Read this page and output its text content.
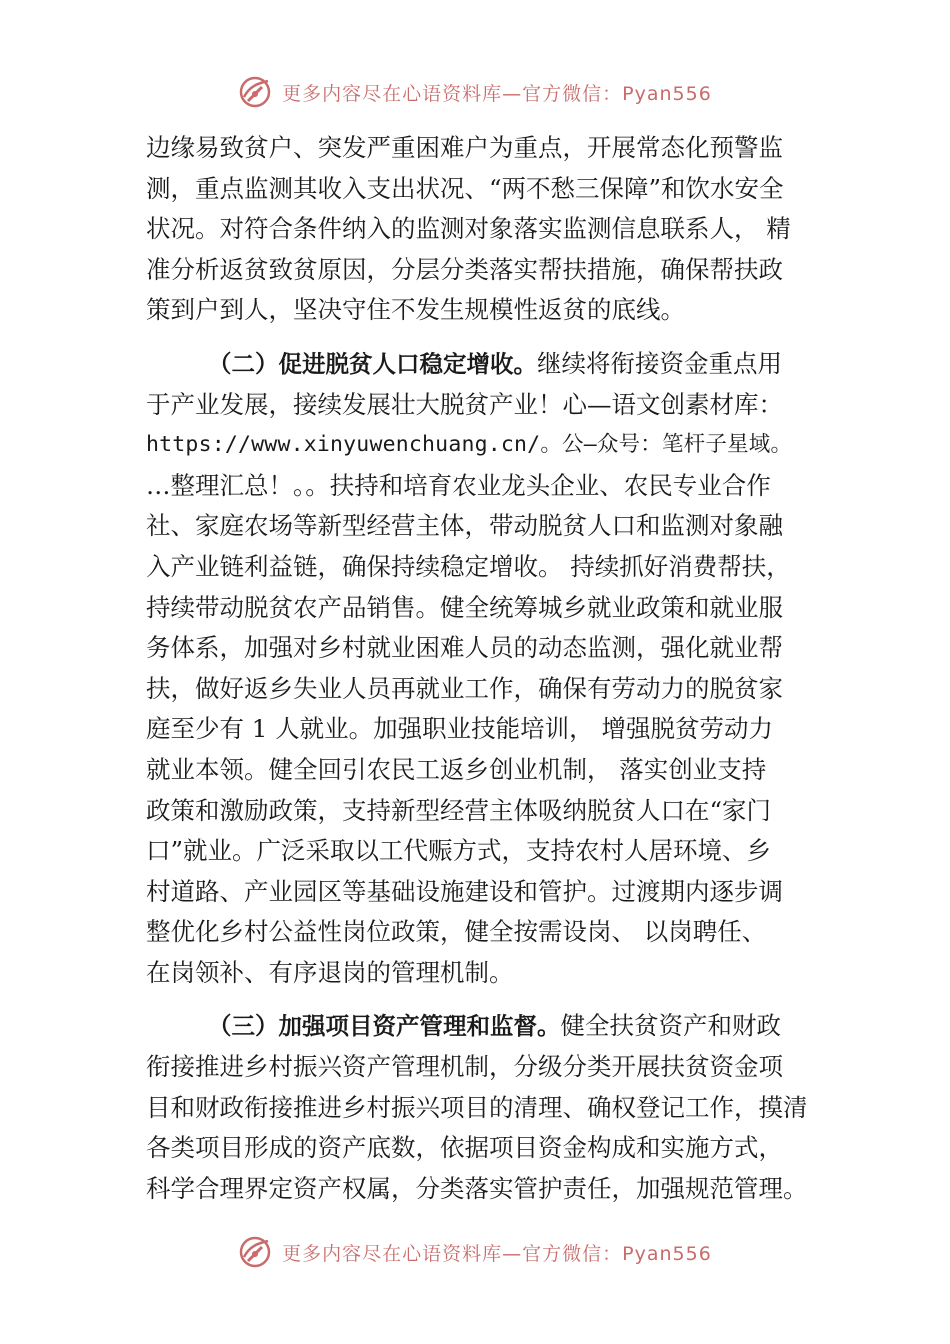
更多内容尽在心语资料库—官方微信：Pyan556
边缘易致贫户、突发严重困难户为重点，开展常态化预警监
测，重点监测其收入支出状况、“两不愁三保障”和饮水安全
状况。对符合条件纳入的监测对象落实监测信息联系人， 精
准分析返贫致贫原因，分层分类落实帮扶措施，确保帮扶政
策到户到人，坚决守住不发生规模性返贫的底线。
（二）促进脱贫人口稳定增收。继续将衔接资金重点用
于产业发展，接续发展壮大脱贫产业！心—语文创素材库：
https://www.xinyuwenchuang.cn/。公—众号：笔杆子星域。
…整理汇总！。。扶持和培育农业龙头企业、农民专业合作
社、家庭农场等新型经营主体，带动脱贫人口和监测对象融
入产业链利益链，确保持续稳定增收。 持续抓好消费帮扶，
持续带动脱贫农产品销售。健全统筹城乡就业政策和就业服
务体系，加强对乡村就业困难人员的动态监测，强化就业帮
扶，做好返乡失业人员再就业工作，确保有劳动力的脱贫家
庭至少有 1 人就业。加强职业技能培训， 增强脱贫劳动力
就业本领。健全回引农民工返乡创业机制， 落实创业支持
政策和激励政策，支持新型经营主体吸纳脱贫人口在“家门
口”就业。广泛采取以工代赈方式，支持农村人居环境、乡
村道路、产业园区等基础设施建设和管护。过渡期内逐步调
整优化乡村公益性岗位政策，健全按需设岗、 以岗聘任、
在岗领补、有序退岗的管理机制。
（三）加强项目资产管理和监督。健全扶贫资产和财政
衔接推进乡村振兴资产管理机制，分级分类开展扶贫资金项
目和财政衔接推进乡村振兴项目的清理、确权登记工作，摸清
各类项目形成的资产底数，依据项目资金构成和实施方式，
科学合理界定资产权属，分类落实管护责任，加强规范管理。
更多内容尽在心语资料库—官方微信：Pyan556
